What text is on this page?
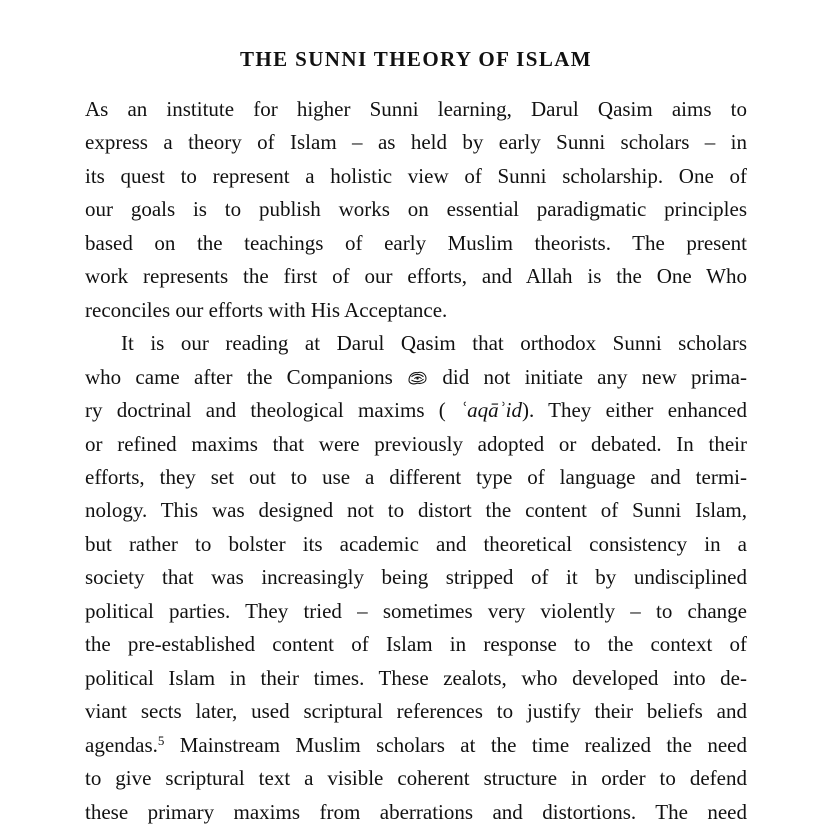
THE SUNNI THEORY OF ISLAM
As an institute for higher Sunni learning, Darul Qasim aims to
express a theory of Islam – as held by early Sunni scholars – in
its quest to represent a holistic view of Sunni scholarship. One of
our goals is to publish works on essential paradigmatic principles
based on the teachings of early Muslim theorists. The present
work represents the first of our efforts, and Allah is the One Who
reconciles our efforts with His Acceptance.
It is our reading at Darul Qasim that orthodox Sunni scholars
who came after the Companions
did not initiate any new prima-
ry doctrinal and theological maxims ( ʿaqāʾid). They either enhanced
or refined maxims that were previously adopted or debated. In their
efforts, they set out to use a different type of language and termi-
nology. This was designed not to distort the content of Sunni Islam,
but rather to bolster its academic and theoretical consistency in a
society that was increasingly being stripped of it by undisciplined
political parties. They tried – sometimes very violently – to change
the pre-established content of Islam in response to the context of
political Islam in their times. These zealots, who developed into de-
viant sects later, used scriptural references to justify their beliefs and
agendas.$^5$ Mainstream Muslim scholars at the time realized the need
to give scriptural text a visible coherent structure in order to defend
these primary maxims from aberrations and distortions. The need
